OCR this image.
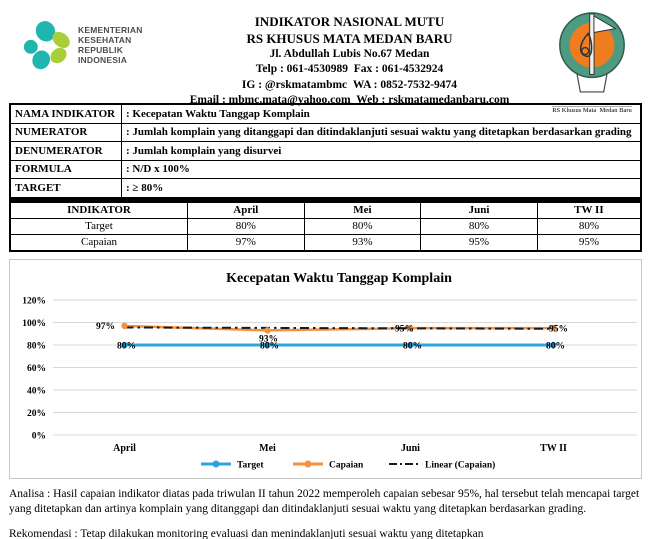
KEMENTERIAN
KESEHATAN
REPUBLIK
INDONESIA
INDIKATOR NASIONAL MUTU
RS KHUSUS MATA MEDAN BARU
Jl. Abdullah Lubis No.67 Medan
Telp : 061-4530989  Fax : 061-4532924
IG : @rskmatambmc  WA : 0852-7532-9474
Email : mbmc.mata@yahoo.com  Web : rskmatamedanbaru.com
RS Khusus Mata  Medan Baru
NAMA INDIKATOR	: Kecepatan Waktu Tanggap Komplain
NUMERATOR	: Jumlah komplain yang ditanggapi dan ditindaklanjuti sesuai waktu yang ditetapkan berdasarkan grading
DENUMERATOR	: Jumlah komplain yang disurvei
FORMULA	: N/D x 100%
TARGET	: ≥ 80%
INDIKATOR	April	Mei	Juni	TW II
Target	80%	80%	80%	80%
Capaian	97%	93%	95%	95%
Kecepatan Waktu Tanggap Komplain
120%
100%
80%
60%
40%
20%
0%
April	Mei	Juni	TW II
80%	80%	80%	80%
97%
93%
95%	95%
Target	Capaian	Linear (Capaian)

Analisa : Hasil capaian indikator diatas pada triwulan II tahun 2022 memperoleh capaian sebesar 95%, hal tersebut telah mencapai target yang ditetapkan dan artinya komplain yang ditanggapi dan ditindaklanjuti sesuai waktu yang ditetapkan berdasarkan grading.

Rekomendasi : Tetap dilakukan monitoring evaluasi dan menindaklanjuti sesuai waktu yang ditetapkan
